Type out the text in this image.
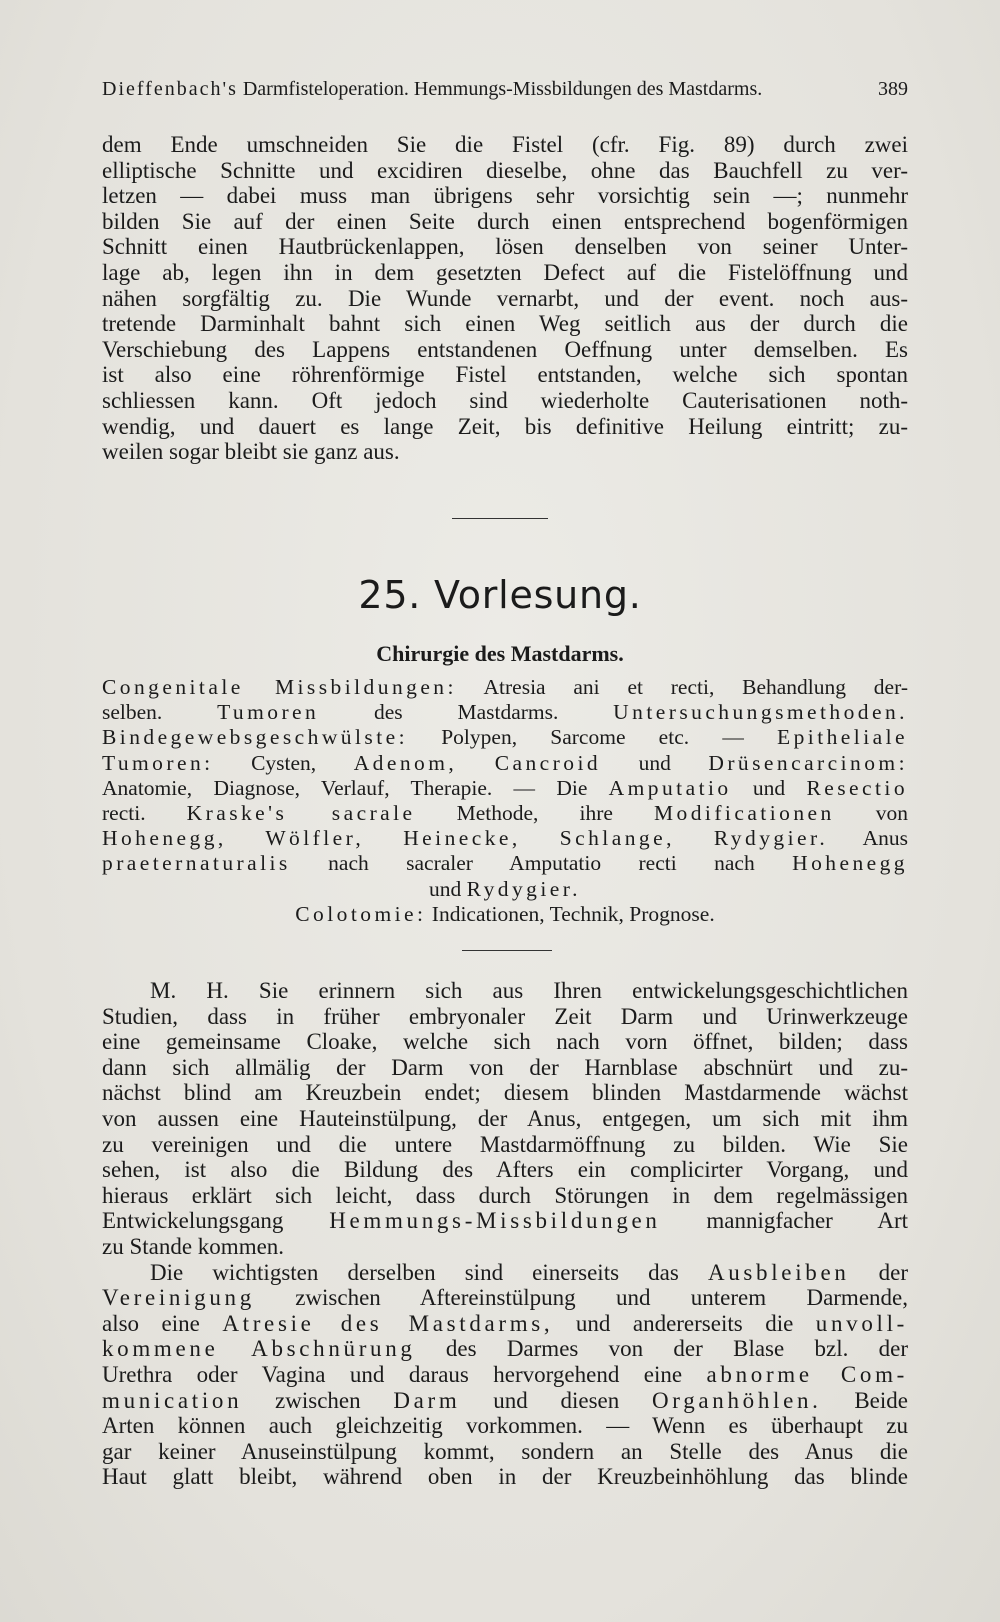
Dieffenbach's Darmfisteloperation. Hemmungs-Missbildungen des Mastdarms.	389
dem Ende umschneiden Sie die Fistel (cfr. Fig. 89) durch zwei
elliptische Schnitte und excidiren dieselbe, ohne das Bauchfell zu ver-
letzen — dabei muss man übrigens sehr vorsichtig sein —; nunmehr
bilden Sie auf der einen Seite durch einen entsprechend bogenförmigen
Schnitt einen Hautbrückenlappen, lösen denselben von seiner Unter-
lage ab, legen ihn in dem gesetzten Defect auf die Fistelöffnung und
nähen sorgfältig zu. Die Wunde vernarbt, und der event. noch aus-
tretende Darminhalt bahnt sich einen Weg seitlich aus der durch die
Verschiebung des Lappens entstandenen Oeffnung unter demselben. Es
ist also eine röhrenförmige Fistel entstanden, welche sich spontan
schliessen kann. Oft jedoch sind wiederholte Cauterisationen noth-
wendig, und dauert es lange Zeit, bis definitive Heilung eintritt; zu-
weilen sogar bleibt sie ganz aus.
25. Vorlesung.
Chirurgie des Mastdarms.
Congenitale Missbildungen: Atresia ani et recti, Behandlung der-
selben. Tumoren des Mastdarms. Untersuchungsmethoden.
Bindegewebsgeschwülste: Polypen, Sarcome etc. — Epitheliale
Tumoren: Cysten, Adenom, Cancroid und Drüsencarcinom:
Anatomie, Diagnose, Verlauf, Therapie. — Die Amputatio und Resectio
recti. Kraske's sacrale Methode, ihre Modificationen von
Hohenegg, Wölfler, Heinecke, Schlange, Rydygier. Anus
praeternaturalis nach sacraler Amputatio recti nach Hohenegg
und Rydygier.
Colotomie: Indicationen, Technik, Prognose.
M. H. Sie erinnern sich aus Ihren entwickelungsgeschichtlichen
Studien, dass in früher embryonaler Zeit Darm und Urinwerkzeuge
eine gemeinsame Cloake, welche sich nach vorn öffnet, bilden; dass
dann sich allmälig der Darm von der Harnblase abschnürt und zu-
nächst blind am Kreuzbein endet; diesem blinden Mastdarmende wächst
von aussen eine Hauteinstülpung, der Anus, entgegen, um sich mit ihm
zu vereinigen und die untere Mastdarmöffnung zu bilden. Wie Sie
sehen, ist also die Bildung des Afters ein complicirter Vorgang, und
hieraus erklärt sich leicht, dass durch Störungen in dem regelmässigen
Entwickelungsgang Hemmungs-Missbildungen mannigfacher Art
zu Stande kommen.
Die wichtigsten derselben sind einerseits das Ausbleiben der
Vereinigung zwischen Aftereinstülpung und unterem Darmende,
also eine Atresie des Mastdarms, und andererseits die unvoll-
kommene Abschnürung des Darmes von der Blase bzl. der
Urethra oder Vagina und daraus hervorgehend eine abnorme Com-
munication zwischen Darm und diesen Organhöhlen. Beide
Arten können auch gleichzeitig vorkommen. — Wenn es überhaupt zu
gar keiner Anuseinstülpung kommt, sondern an Stelle des Anus die
Haut glatt bleibt, während oben in der Kreuzbeinhöhlung das blinde
